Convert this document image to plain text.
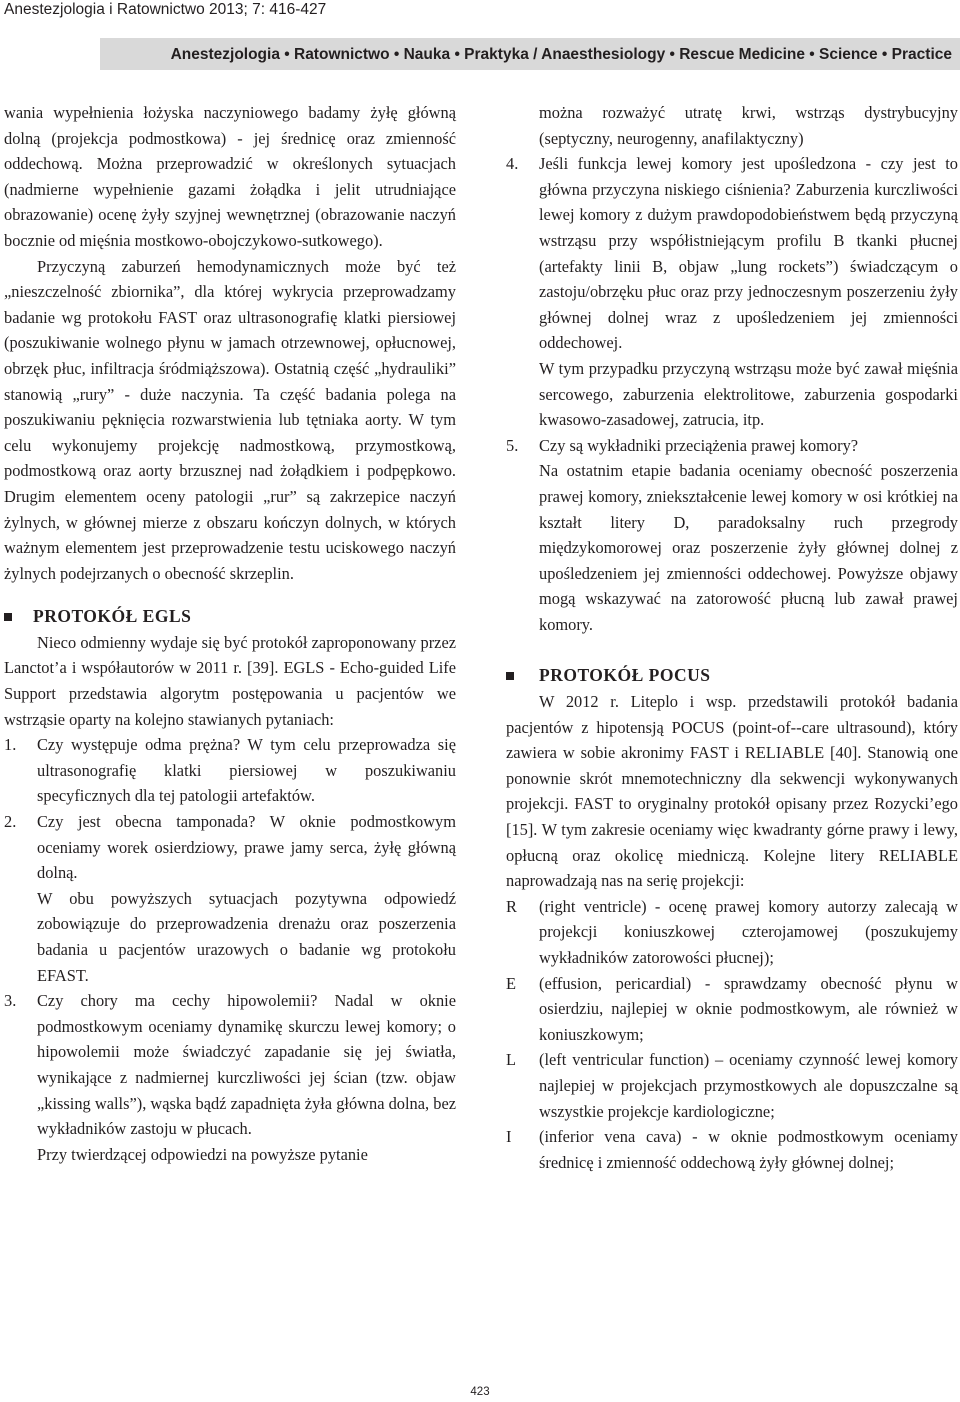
Anestezjologia i Ratownictwo 2013; 7: 416-427
Anestezjologia • Ratownictwo • Nauka • Praktyka / Anaesthesiology • Rescue Medicine • Science • Practice

wania wypełnienia łożyska naczyniowego badamy żyłę główną dolną (projekcja podmostkowa) - jej średnicę oraz zmienność oddechową. Można przeprowadzić w określonych sytuacjach (nadmierne wypełnienie gazami żołądka i jelit utrudniające obrazowanie) ocenę żyły szyjnej wewnętrznej (obrazowanie naczyń bocznie od mięśnia mostkowo-obojczykowo-sutkowego).

Przyczyną zaburzeń hemodynamicznych może być też „nieszczelność zbiornika”, dla której wykrycia przeprowadzamy badanie wg protokołu FAST oraz ultrasonografię klatki piersiowej (poszukiwanie wolnego płynu w jamach otrzewnowej, opłucnowej, obrzęk płuc, infiltracja śródmiąższowa). Ostatnią część „hydrauliki” stanowią „rury” - duże naczynia. Ta część badania polega na poszukiwaniu pęknięcia rozwarstwienia lub tętniaka aorty. W tym celu wykonujemy projekcję nadmostkową, przymostkową, podmostkową oraz aorty brzusznej nad żołądkiem i podpępkowo. Drugim elementem oceny patologii „rur” są zakrzepice naczyń żylnych, w głównej mierze z obszaru kończyn dolnych, w których ważnym elementem jest przeprowadzenie testu uciskowego naczyń żylnych podejrzanych o obecność skrzeplin.

PROTOKÓŁ EGLS

Nieco odmienny wydaje się być protokół zaproponowany przez Lanctot’a i współautorów w 2011 r. [39]. EGLS - Echo-guided Life Support przedstawia algorytm postępowania u pacjentów we wstrząsie oparty na kolejno stawianych pytaniach:

1.	Czy występuje odma prężna? W tym celu przeprowadza się ultrasonografię klatki piersiowej w poszukiwaniu specyficznych dla tej patologii artefaktów.
2.	Czy jest obecna tamponada? W oknie podmostkowym oceniamy worek osierdziowy, prawe jamy serca, żyłę główną dolną.

W obu powyższych sytuacjach pozytywna odpowiedź zobowiązuje do przeprowadzenia drenażu oraz poszerzenia badania u pacjentów urazowych o badanie wg protokołu EFAST.

3.	Czy chory ma cechy hipowolemii? Nadal w oknie podmostkowym oceniamy dynamikę skurczu lewej komory; o hipowolemii może świadczyć zapadanie się jej światła, wynikające z nadmiernej kurczliwości jej ścian (tzw. objaw „kissing walls”), wąska bądź zapadnięta żyła główna dolna, bez wykładników zastoju w płucach.

Przy twierdzącej odpowiedzi na powyższe pytanie

można rozważyć utratę krwi, wstrząs dystrybucyjny (septyczny, neurogenny, anafilaktyczny)

4.	Jeśli funkcja lewej komory jest upośledzona - czy jest to główna przyczyna niskiego ciśnienia? Zaburzenia kurczliwości lewej komory z dużym prawdopodobieństwem będą przyczyną wstrząsu przy współistniejącym profilu B tkanki płucnej (artefakty linii B, objaw „lung rockets”) świadczącym o zastoju/obrzęku płuc oraz przy jednoczesnym poszerzeniu żyły głównej dolnej wraz z upośledzeniem jej zmienności oddechowej.

W tym przypadku przyczyną wstrząsu może być zawał mięśnia sercowego, zaburzenia elektrolitowe, zaburzenia gospodarki kwasowo-zasadowej, zatrucia, itp.

5.	Czy są wykładniki przeciążenia prawej komory?

Na ostatnim etapie badania oceniamy obecność poszerzenia prawej komory, zniekształcenie lewej komory w osi krótkiej na kształt litery D, paradoksalny ruch przegrody międzykomorowej oraz poszerzenie żyły głównej dolnej z upośledzeniem jej zmienności oddechowej. Powyższe objawy mogą wskazywać na zatorowość płucną lub zawał prawej komory.

PROTOKÓŁ POCUS

W 2012 r. Liteplo i wsp. przedstawili protokół badania pacjentów z hipotensją POCUS (point-of--care ultrasound), który zawiera w sobie akronimy FAST i RELIABLE [40]. Stanowią one ponownie skrót mnemotechniczny dla sekwencji wykonywanych projekcji. FAST to oryginalny protokół opisany przez Rozycki’ego [15]. W tym zakresie oceniamy więc kwadranty górne prawy i lewy, opłucną oraz okolicę miedniczą. Kolejne litery RELIABLE naprowadzają nas na serię projekcji:

R	(right ventricle) - ocenę prawej komory autorzy zalecają w projekcji koniuszkowej czterojamowej (poszukujemy wykładników zatorowości płucnej);
E	(effusion, pericardial) - sprawdzamy obecność płynu w osierdziu, najlepiej w oknie podmostkowym, ale również w koniuszkowym;
L	(left ventricular function) – oceniamy czynność lewej komory najlepiej w projekcjach przymostkowych ale dopuszczalne są wszystkie projekcje kardiologiczne;
I	(inferior vena cava) - w oknie podmostkowym oceniamy średnicę i zmienność oddechową żyły głównej dolnej;
423
